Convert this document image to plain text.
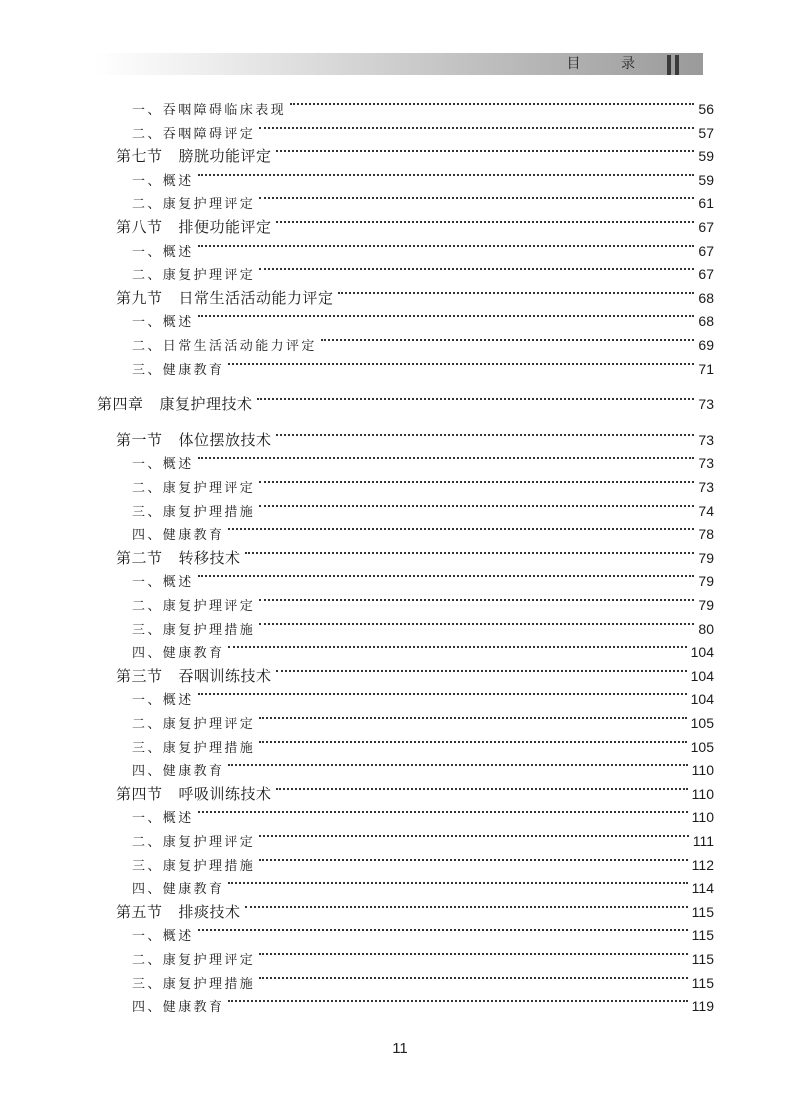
目 录
一、吞咽障碍临床表现	56
二、吞咽障碍评定	57
第七节 膀胱功能评定	59
一、概述	59
二、康复护理评定	61
第八节 排便功能评定	67
一、概述	67
二、康复护理评定	67
第九节 日常生活活动能力评定	68
一、概述	68
二、日常生活活动能力评定	69
三、健康教育	71
第四章 康复护理技术	73
第一节 体位摆放技术	73
一、概述	73
二、康复护理评定	73
三、康复护理措施	74
四、健康教育	78
第二节 转移技术	79
一、概述	79
二、康复护理评定	79
三、康复护理措施	80
四、健康教育	104
第三节 吞咽训练技术	104
一、概述	104
二、康复护理评定	105
三、康复护理措施	105
四、健康教育	110
第四节 呼吸训练技术	110
一、概述	110
二、康复护理评定	111
三、康复护理措施	112
四、健康教育	114
第五节 排痰技术	115
一、概述	115
二、康复护理评定	115
三、康复护理措施	115
四、健康教育	119
11
